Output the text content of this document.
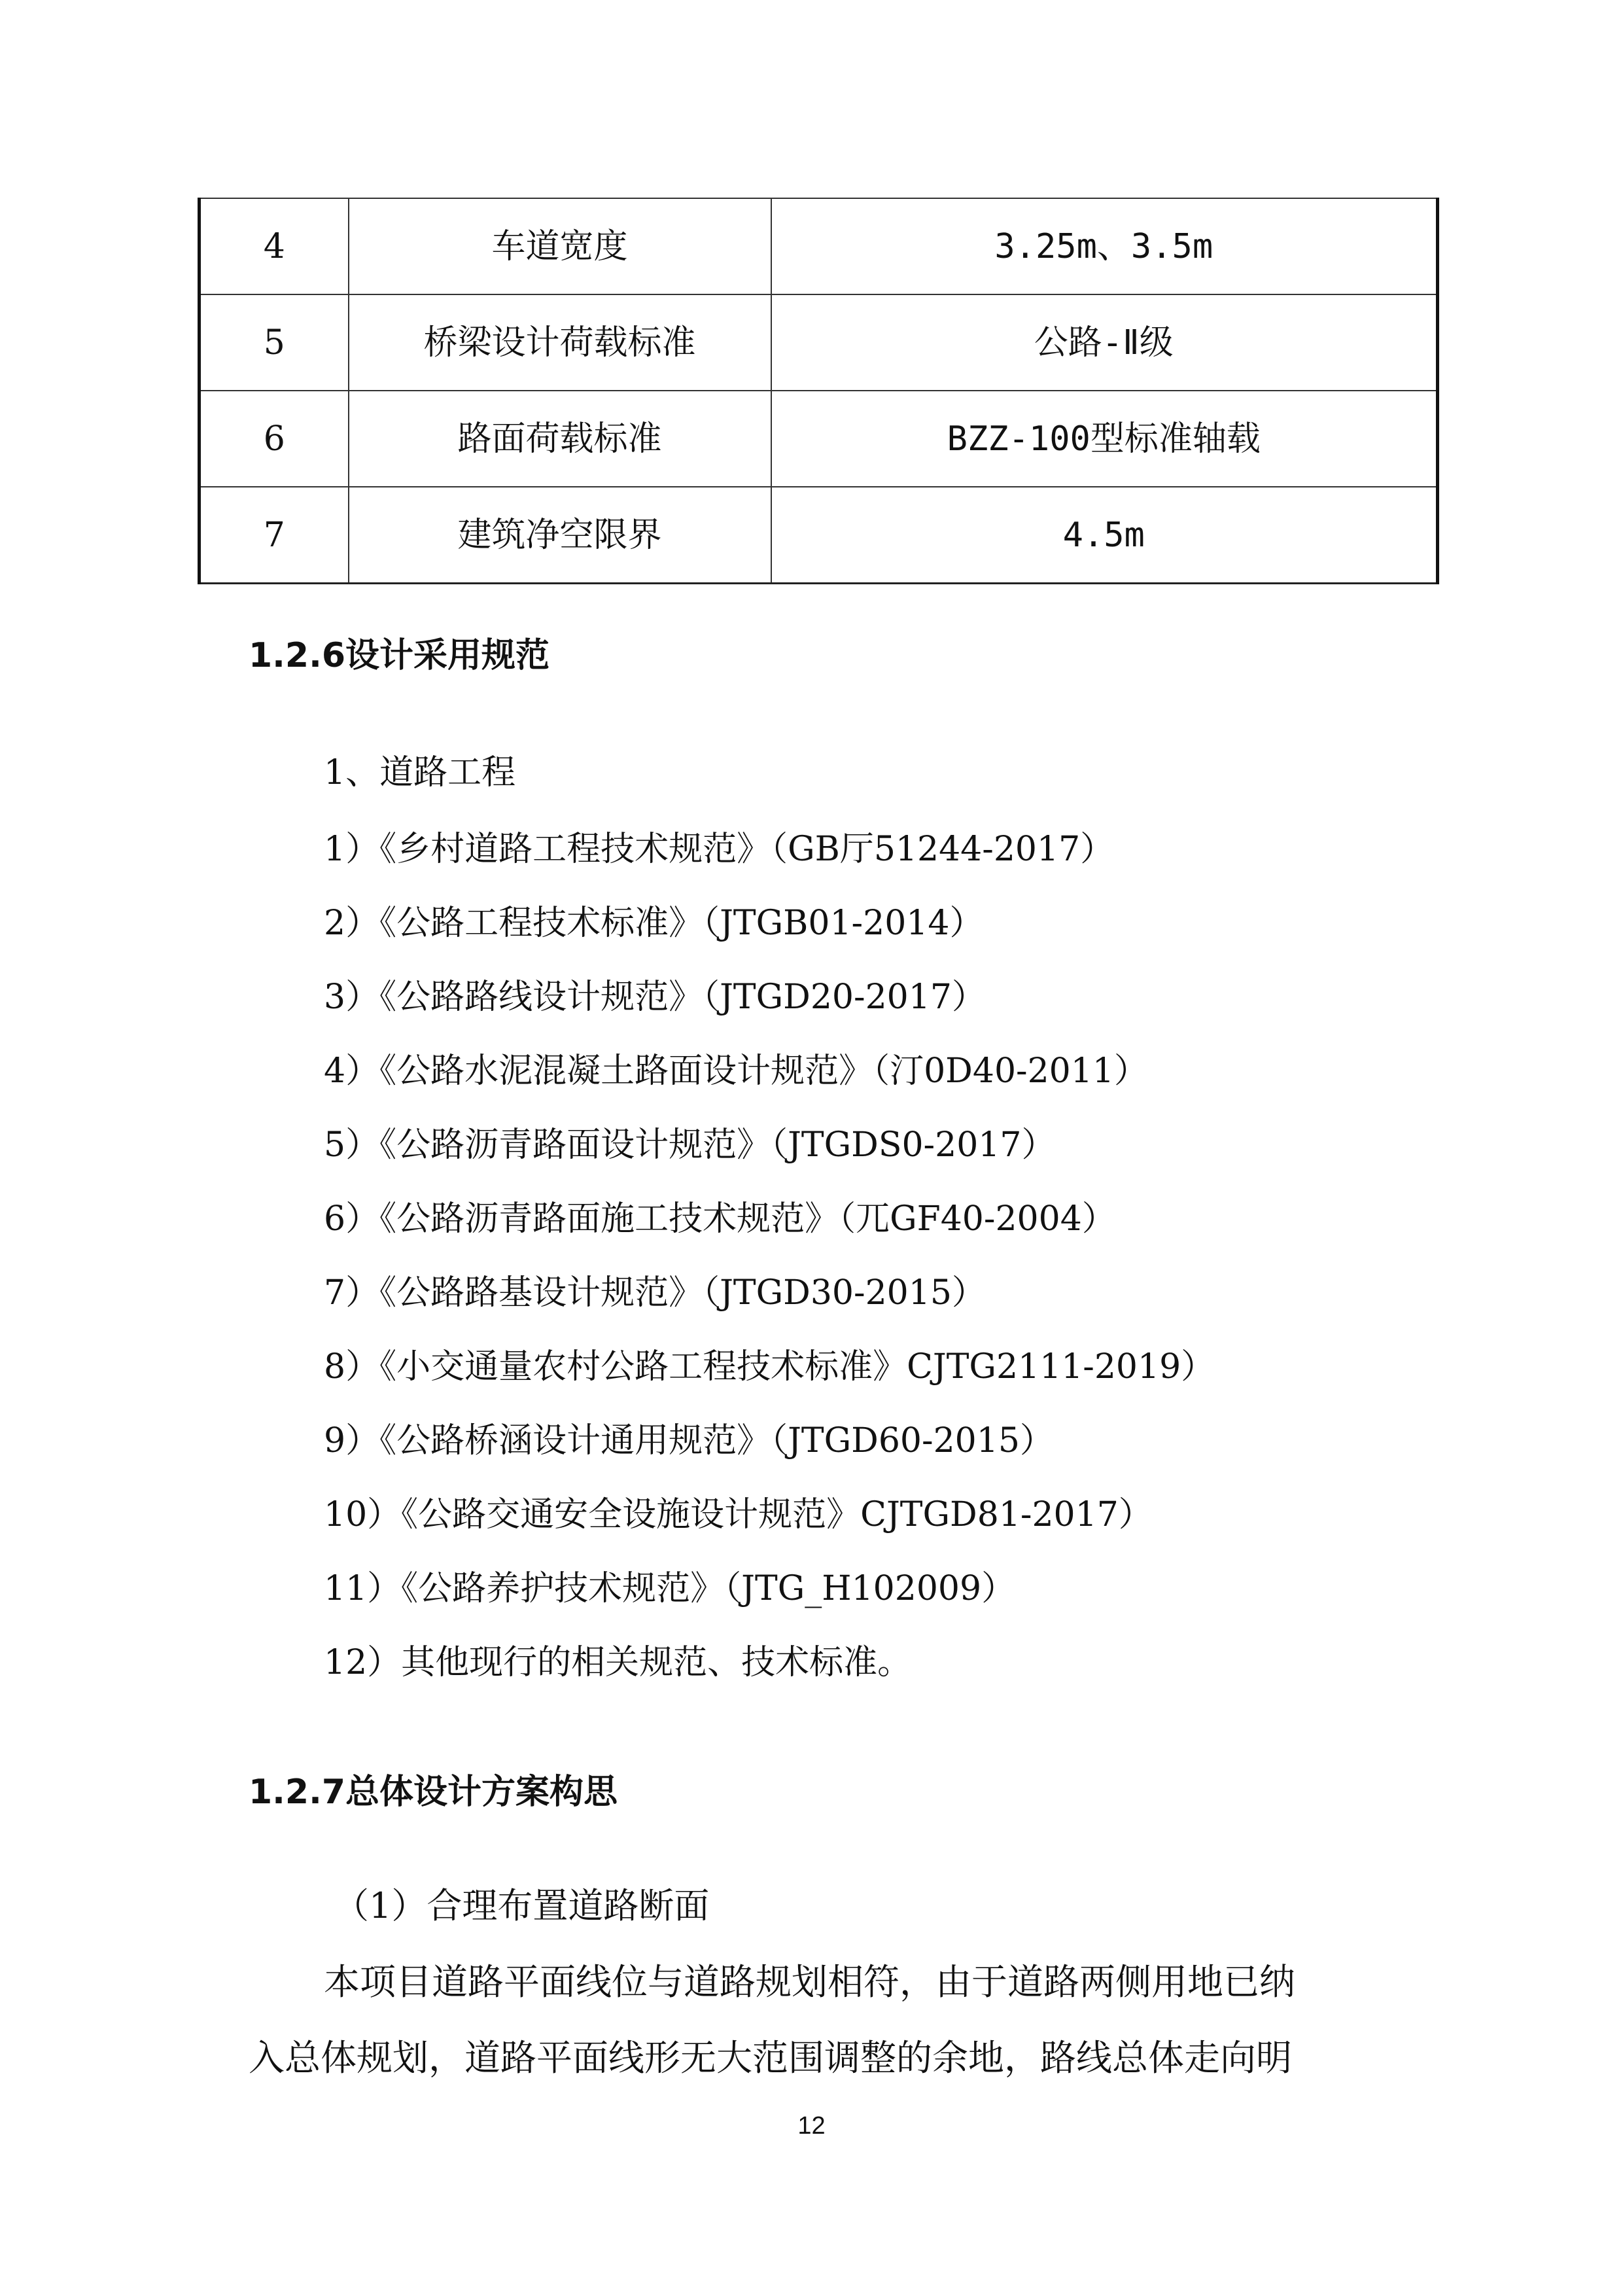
4	车道宽度	3.25m、3.5m
5	桥梁设计荷载标准	公路-Ⅱ级
6	路面荷载标准	BZZ-100型标准轴载
7	建筑净空限界	4.5m
1.2.6设计采用规范
1、道路工程
1）《乡村道路工程技术规范》（GB厅51244-2017）
2）《公路工程技术标准》（JTGB01-2014）
3）《公路路线设计规范》（JTGD20-2017）
4）《公路水泥混凝土路面设计规范》（汀0D40-2011）
5）《公路沥青路面设计规范》（JTGDS0-2017）
6）《公路沥青路面施工技术规范》（兀GF40-2004）
7）《公路路基设计规范》（JTGD30-2015）
8）《小交通量农村公路工程技术标准》CJTG2111-2019）
9）《公路桥涵设计通用规范》（JTGD60-2015）
10）《公路交通安全设施设计规范》CJTGD81-2017）
11）《公路养护技术规范》（JTG_H102009）
12）其他现行的相关规范、技术标准。
1.2.7总体设计方案构思
（1）合理布置道路断面
本项目道路平面线位与道路规划相符，由于道路两侧用地已纳
入总体规划，道路平面线形无大范围调整的余地，路线总体走向明
12
